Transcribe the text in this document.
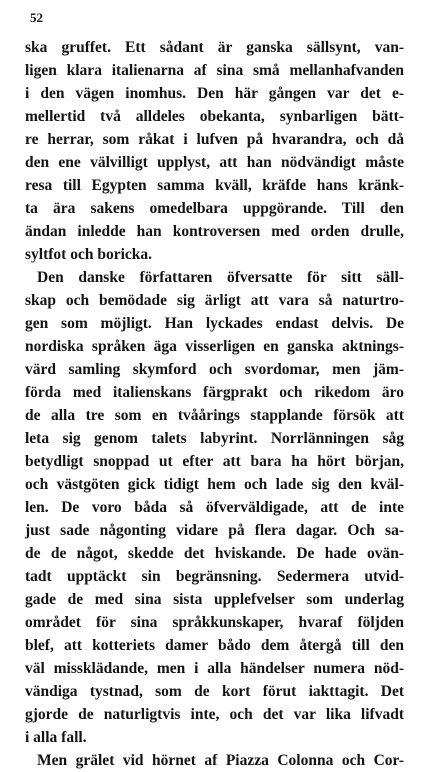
52
ska gruffet. Ett sådant är ganska sällsynt, van-
ligen klara italienarna af sina små mellanhafvanden
i den vägen inomhus. Den här gången var det e-
mellertid två alldeles obekanta, synbarligen bätt-
re herrar, som råkat i lufven på hvarandra, och då
den ene välvilligt upplyst, att han nödvändigt måste
resa till Egypten samma kväll, kräfde hans kränk-
ta ära sakens omedelbara uppgörande. Till den
ändan inledde han kontroversen med orden drulle,
syltfot och boricka.
Den danske författaren öfversatte för sitt säll-
skap och bemödade sig ärligt att vara så naturtro-
gen som möjligt. Han lyckades endast delvis. De
nordiska språken äga visserligen en ganska aktnings-
värd samling skymford och svordomar, men jäm-
förda med italienskans färgprakt och rikedom äro
de alla tre som en tvåårings stapplande försök att
leta sig genom talets labyrint. Norrlänningen såg
betydligt snoppad ut efter att bara ha hört början,
och västgöten gick tidigt hem och lade sig den kväl-
len. De voro båda så öfverväldigade, att de inte
just sade någonting vidare på flera dagar. Och sa-
de de något, skedde det hviskande. De hade ovän-
tadt upptäckt sin begränsning. Sedermera utvid-
gade de med sina sista upplefvelser som underlag
området för sina språkkunskaper, hvaraf följden
blef, att kotteriets damer bådo dem återgå till den
väl missklädande, men i alla händelser numera nöd-
vändiga tystnad, som de kort förut iakttagit. Det
gjorde de naturligtvis inte, och det var lika lifvadt
i alla fall.
Men grälet vid hörnet af Piazza Colonna och Cor-
